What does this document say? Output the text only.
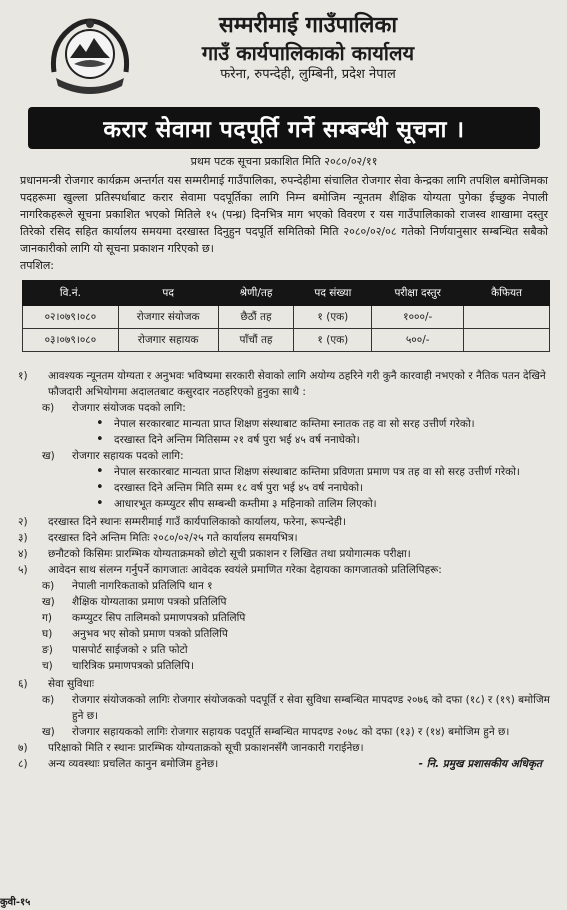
सम्मरीमाई गाउँपालिका
गाउँ कार्यपालिकाको कार्यालय
फरेना, रुपन्देही, लुम्बिनी, प्रदेश नेपाल
करार सेवामा पदपूर्ति गर्ने सम्बन्धी सूचना ।
प्रथम पटक सूचना प्रकाशित मिति २०८०/०२/११
प्रधानमन्त्री रोजगार कार्यक्रम अन्तर्गत यस सम्मरीमाई गाउँपालिका, रुपन्देहीमा संचालित रोजगार सेवा केन्द्रका लागि तपशिल बमोजिमका पदहरूमा खुल्ला प्रतिस्पर्धाबाट करार सेवामा पदपूर्तिका लागि निम्न बमोजिम न्यूनतम शैक्षिक योग्यता पुगेका ईच्छुक नेपाली नागरिकहरूले सूचना प्रकाशित भएको मितिले १५ (पन्ध्र) दिनभित्र माग भएको विवरण र यस गाउँपालिकाको राजस्व शाखामा दस्तुर तिरेको रसिद सहित कार्यालय समयमा दरखास्त दिनुहुन पदपूर्ति समितिको मिति २०८०/०२/०८ गतेको निर्णयानुसार सम्बन्धित सबैको जानकारीको लागि यो सूचना प्रकाशन गरिएको छ।
तपशिल:
वि.नं.	पद	श्रेणी/तह	पद संख्या	परीक्षा दस्तुर	कैफियत
०२।०७९।०८०	रोजगार संयोजक	छैठौं तह	१ (एक)	१०००/-	
०३।०७९।०८०	रोजगार सहायक	पाँचौं तह	१ (एक)	५००/-	
१) आवश्यक न्यूनतम योग्यता र अनुभवः भविष्यमा सरकारी सेवाको लागि अयोग्य ठहरिने गरी कुनै कारवाही नभएको र नैतिक पतन देखिने फौजदारी अभियोगमा अदालतबाट कसुरदार नठहरिएको हुनुका साथै :
क) रोजगार संयोजक पदको लागि:
• नेपाल सरकारबाट मान्यता प्राप्त शिक्षण संस्थाबाट कम्तिमा स्नातक तह वा सो सरह उत्तीर्ण गरेको।
• दरखास्त दिने अन्तिम मितिसम्म २१ वर्ष पुरा भई ४५ वर्ष ननाघेको।
ख) रोजगार सहायक पदको लागि:
• नेपाल सरकारबाट मान्यता प्राप्त शिक्षण संस्थाबाट कम्तिमा प्रविणता प्रमाण पत्र तह वा सो सरह उत्तीर्ण गरेको।
• दरखास्त दिने अन्तिम मिति सम्म १८ वर्ष पुरा भई ४५ वर्ष ननाघेको।
• आधारभूत कम्प्युटर सीप सम्बन्धी कम्तीमा ३ महिनाको तालिम लिएको।
२) दरखास्त दिने स्थानः सम्मरीमाई गाउँ कार्यपालिकाको कार्यालय, फरेना, रूपन्देही।
३) दरखास्त दिने अन्तिम मितिः २०८०/०२/२५ गते कार्यालय समयभित्र।
४) छनौटको किसिमः प्रारम्भिक योग्यताक्रमको छोटो सूची प्रकाशन र लिखित तथा प्रयोगात्मक परीक्षा।
५) आवेदन साथ संलग्न गर्नुपर्ने कागजातः आवेदक स्वयंले प्रमाणित गरेका देहायका कागजातको प्रतिलिपिहरू:
क) नेपाली नागरिकताको प्रतिलिपि थान १
ख) शैक्षिक योग्यताका प्रमाण पत्रको प्रतिलिपि
ग) कम्प्युटर सिप तालिमको प्रमाणपत्रको प्रतिलिपि
घ) अनुभव भए सोको प्रमाण पत्रको प्रतिलिपि
ङ) पासपोर्ट साईजको २ प्रति फोटो
च) चारित्रिक प्रमाणपत्रको प्रतिलिपि।
६) सेवा सुविधाः
क) रोजगार संयोजकको लागिः रोजगार संयोजकको पदपूर्ति र सेवा सुविधा सम्बन्धित मापदण्ड २०७६ को दफा (१८) र (१९) बमोजिम हुने छ।
ख) रोजगार सहायकको लागिः रोजगार सहायक पदपूर्ति सम्बन्धित मापदण्ड २०७८ को दफा (१३) र (१४) बमोजिम हुने छ।
७) परिक्षाको मिति र स्थानः प्रारम्भिक योग्यताक्रको सूची प्रकाशनसँगै जानकारी गराईनेछ।
८) अन्य व्यवस्थाः प्रचलित कानुन बमोजिम हुनेछ।	- नि. प्रमुख प्रशासकीय अधिकृत
कुवी-१५
